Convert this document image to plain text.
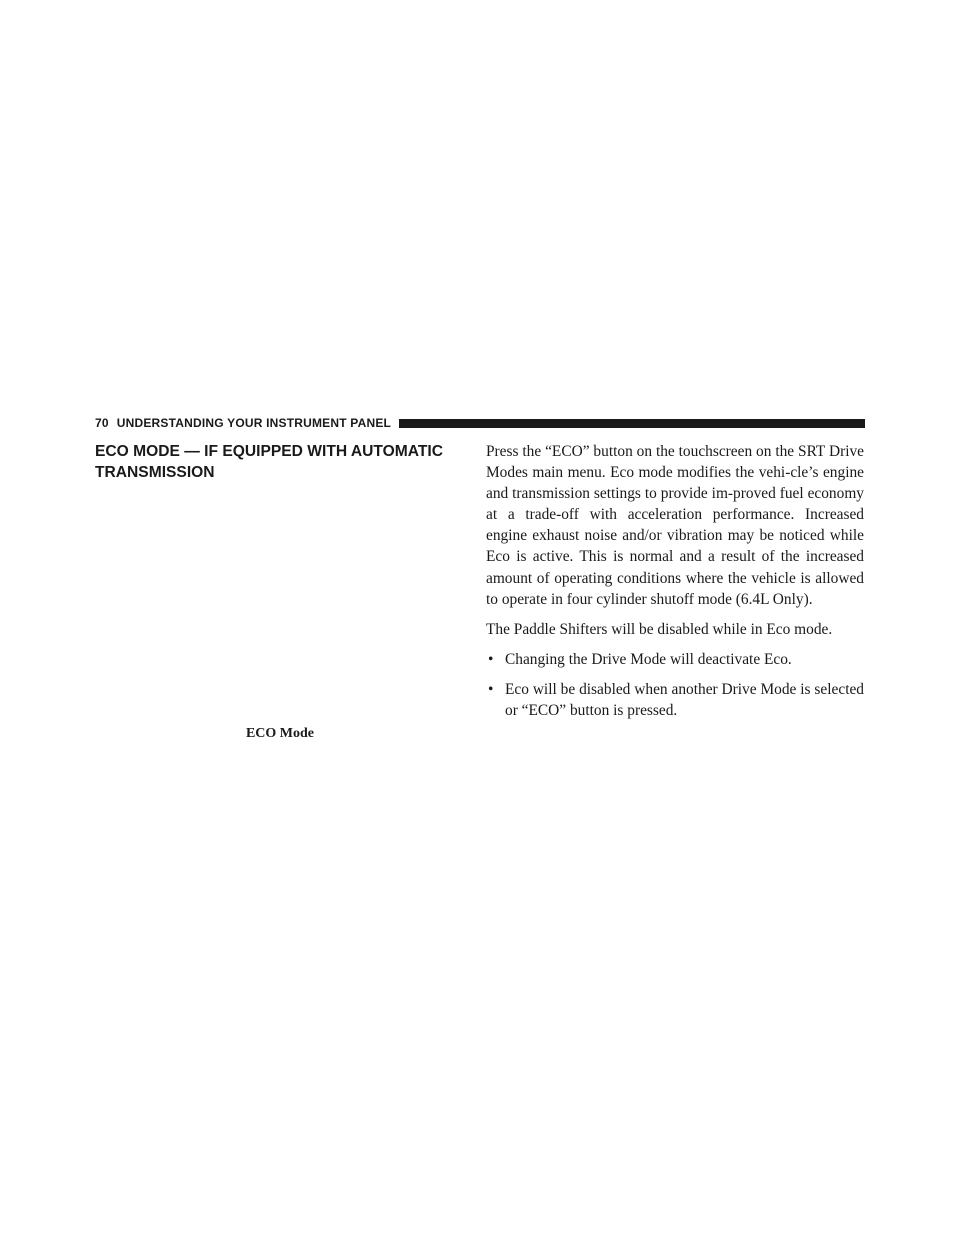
70 UNDERSTANDING YOUR INSTRUMENT PANEL
ECO MODE — IF EQUIPPED WITH AUTOMATIC TRANSMISSION
ECO Mode

Press the “ECO” button on the touchscreen on the SRT Drive Modes main menu. Eco mode modifies the vehi-cle’s engine and transmission settings to provide im-proved fuel economy at a trade-off with acceleration performance. Increased engine exhaust noise and/or vibration may be noticed while Eco is active. This is normal and a result of the increased amount of operating conditions where the vehicle is allowed to operate in four cylinder shutoff mode (6.4L Only).

The Paddle Shifters will be disabled while in Eco mode.

• Changing the Drive Mode will deactivate Eco.
• Eco will be disabled when another Drive Mode is selected or “ECO” button is pressed.
